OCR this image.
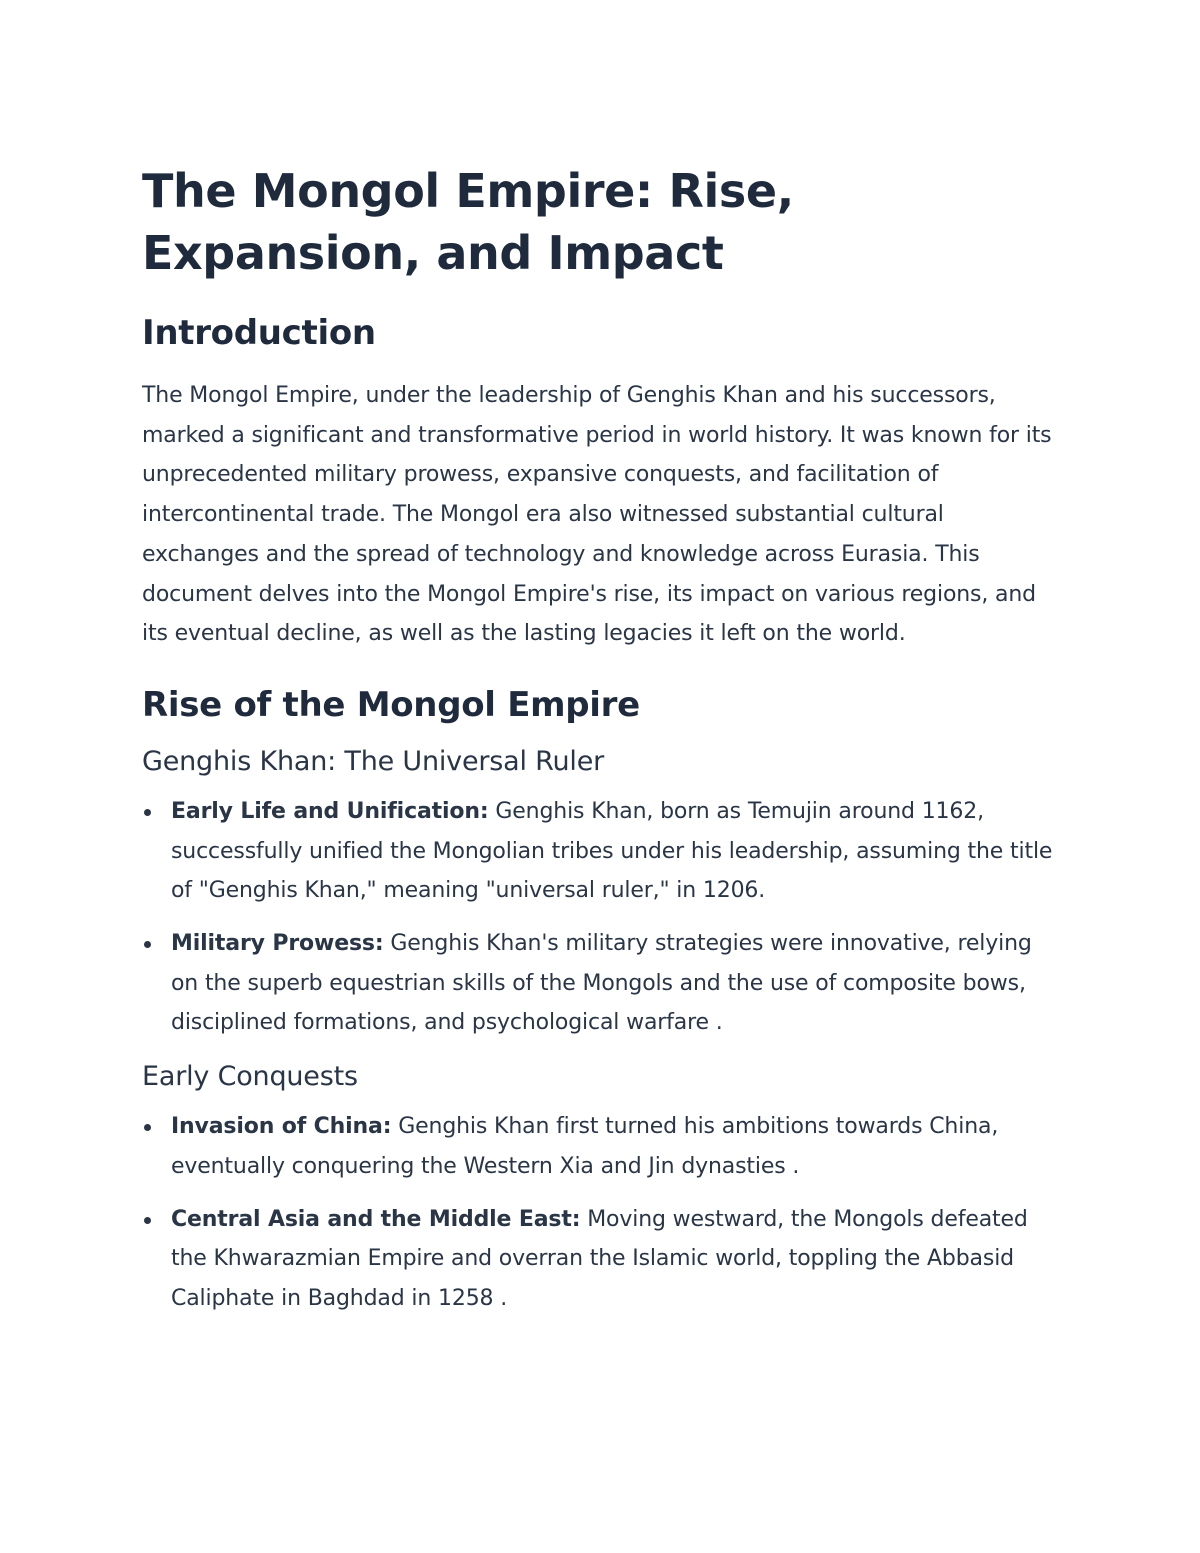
The Mongol Empire: Rise, Expansion, and Impact
Introduction

The Mongol Empire, under the leadership of Genghis Khan and his successors, marked a significant and transformative period in world history. It was known for its unprecedented military prowess, expansive conquests, and facilitation of intercontinental trade. The Mongol era also witnessed substantial cultural exchanges and the spread of technology and knowledge across Eurasia. This document delves into the Mongol Empire's rise, its impact on various regions, and its eventual decline, as well as the lasting legacies it left on the world.

Rise of the Mongol Empire
Genghis Khan: The Universal Ruler
Early Life and Unification: Genghis Khan, born as Temujin around 1162, successfully unified the Mongolian tribes under his leadership, assuming the title of "Genghis Khan," meaning "universal ruler," in 1206.
Military Prowess: Genghis Khan's military strategies were innovative, relying on the superb equestrian skills of the Mongols and the use of composite bows, disciplined formations, and psychological warfare .
Early Conquests
Invasion of China: Genghis Khan first turned his ambitions towards China, eventually conquering the Western Xia and Jin dynasties .
Central Asia and the Middle East: Moving westward, the Mongols defeated the Khwarazmian Empire and overran the Islamic world, toppling the Abbasid Caliphate in Baghdad in 1258 .
